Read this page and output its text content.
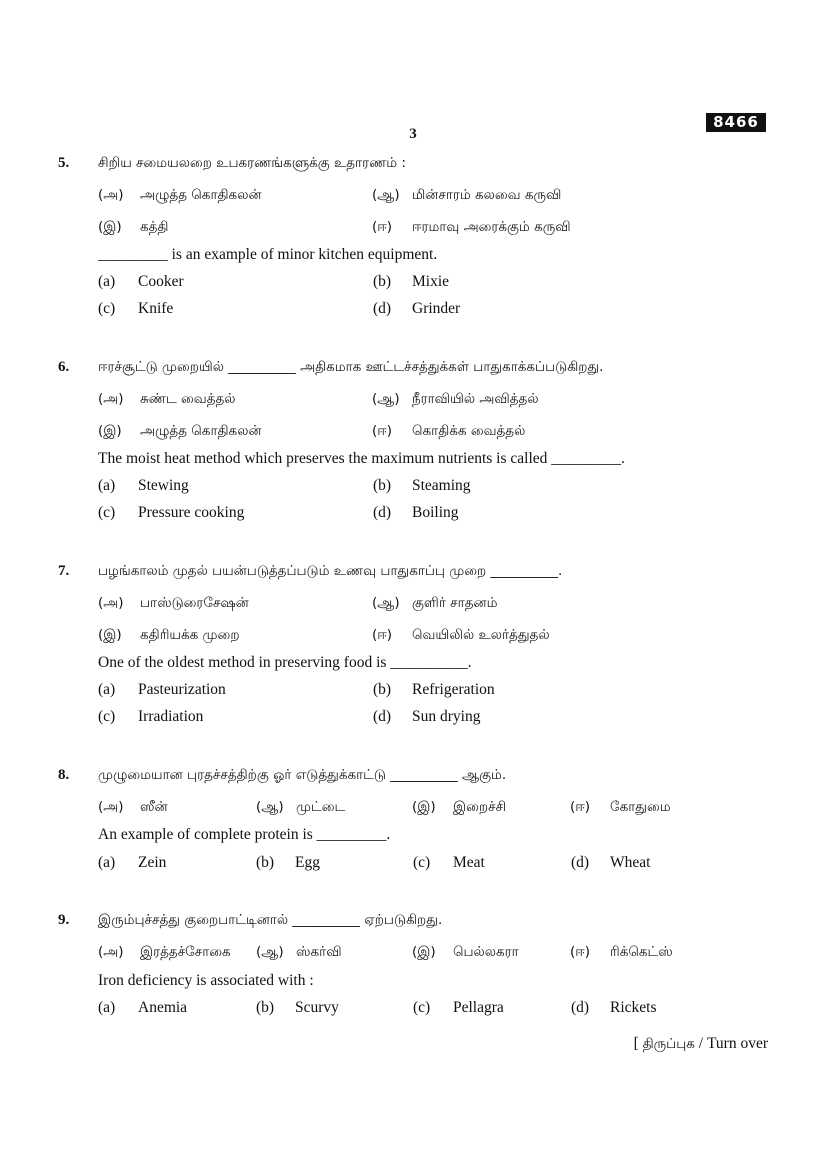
8466
3
5. சிறிய சமையலறை உபகரணங்களுக்கு உதாரணம் :
(அ) அழுத்த கொதிகலன்	(ஆ) மின்சாரம் கலவை கருவி
(இ) கத்தி	(ஈ) ஈரமாவு அரைக்கும் கருவி
_________ is an example of minor kitchen equipment.
(a) Cooker	(b) Mixie
(c) Knife	(d) Grinder
6. ஈரச்சூட்டு முறையில் __________ அதிகமாக ஊட்டச்சத்துக்கள் பாதுகாக்கப்படுகிறது.
(அ) சுண்ட வைத்தல்	(ஆ) நீராவியில் அவித்தல்
(இ) அழுத்த கொதிகலன்	(ஈ) கொதிக்க வைத்தல்
The moist heat method which preserves the maximum nutrients is called _________.
(a) Stewing	(b) Steaming
(c) Pressure cooking	(d) Boiling
7. பழங்காலம் முதல் பயன்படுத்தப்படும் உணவு பாதுகாப்பு முறை __________.
(அ) பாஸ்டுரைசேஷன்	(ஆ) குளிர் சாதனம்
(இ) கதிரியக்க முறை	(ஈ) வெயிலில் உலர்த்துதல்
One of the oldest method in preserving food is __________.
(a) Pasteurization	(b) Refrigeration
(c) Irradiation	(d) Sun drying
8. முழுமையான புரதச்சத்திற்கு ஓர் எடுத்துக்காட்டு __________ ஆகும்.
(அ) ஸீன்	(ஆ) முட்டை	(இ) இறைச்சி	(ஈ) கோதுமை
An example of complete protein is _________.
(a) Zein	(b) Egg	(c) Meat	(d) Wheat
9. இரும்புச்சத்து குறைபாட்டினால் __________ ஏற்படுகிறது.
(அ) இரத்தச்சோகை (ஆ) ஸ்கர்வி	(இ) பெல்லகரா	(ஈ) ரிக்கெட்ஸ்
Iron deficiency is associated with :
(a) Anemia	(b) Scurvy	(c) Pellagra	(d) Rickets
[ திருப்புக / Turn over
